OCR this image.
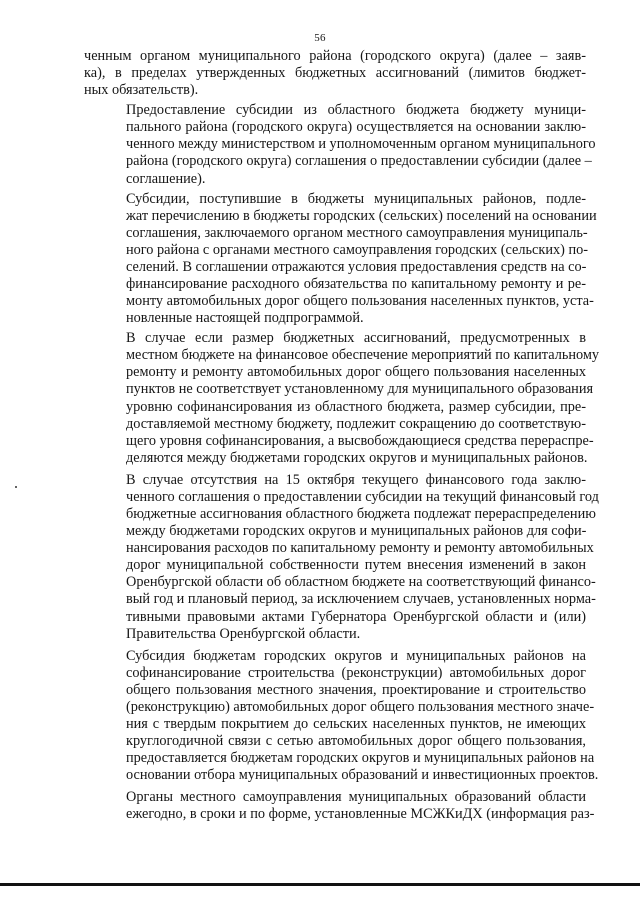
56

ченным органом муниципального района (городского округа) (далее – заяв-
ка), в пределах утвержденных бюджетных ассигнований (лимитов бюджет-
ных обязательств).

Предоставление субсидии из областного бюджета бюджету муници-
пального района (городского округа) осуществляется на основании заклю-
ченного между министерством и уполномоченным органом муниципального
района (городского округа) соглашения о предоставлении субсидии (далее –
соглашение).

Субсидии, поступившие в бюджеты муниципальных районов, подле-
жат перечислению в бюджеты городских (сельских) поселений на основании
соглашения, заключаемого органом местного самоуправления муниципаль-
ного района с органами местного самоуправления городских (сельских) по-
селений. В соглашении отражаются условия предоставления средств на со-
финансирование расходного обязательства по капитальному ремонту и ре-
монту автомобильных дорог общего пользования населенных пунктов, уста-
новленные настоящей подпрограммой.

В случае если размер бюджетных ассигнований, предусмотренных в
местном бюджете на финансовое обеспечение мероприятий по капитальному
ремонту и ремонту автомобильных дорог общего пользования населенных
пунктов не соответствует установленному для муниципального образования
уровню софинансирования из областного бюджета, размер субсидии, пре-
доставляемой местному бюджету, подлежит сокращению до соответствую-
щего уровня софинансирования, а высвобождающиеся средства перераспре-
деляются между бюджетами городских округов и муниципальных районов.

В случае отсутствия на 15 октября текущего финансового года заклю-
ченного соглашения о предоставлении субсидии на текущий финансовый год
бюджетные ассигнования областного бюджета подлежат перераспределению
между бюджетами городских округов и муниципальных районов для софи-
нансирования расходов по капитальному ремонту и ремонту автомобильных
дорог муниципальной собственности путем внесения изменений в закон
Оренбургской области об областном бюджете на соответствующий финансо-
вый год и плановый период, за исключением случаев, установленных норма-
тивными правовыми актами Губернатора Оренбургской области и (или)
Правительства Оренбургской области.

Субсидия бюджетам городских округов и муниципальных районов на
софинансирование строительства (реконструкции) автомобильных дорог
общего пользования местного значения, проектирование и строительство
(реконструкцию) автомобильных дорог общего пользования местного значе-
ния с твердым покрытием до сельских населенных пунктов, не имеющих
круглогодичной связи с сетью автомобильных дорог общего пользования,
предоставляется бюджетам городских округов и муниципальных районов на
основании отбора муниципальных образований и инвестиционных проектов.

Органы местного самоуправления муниципальных образований области
ежегодно, в сроки и по форме, установленные МСЖКиДХ (информация раз-
